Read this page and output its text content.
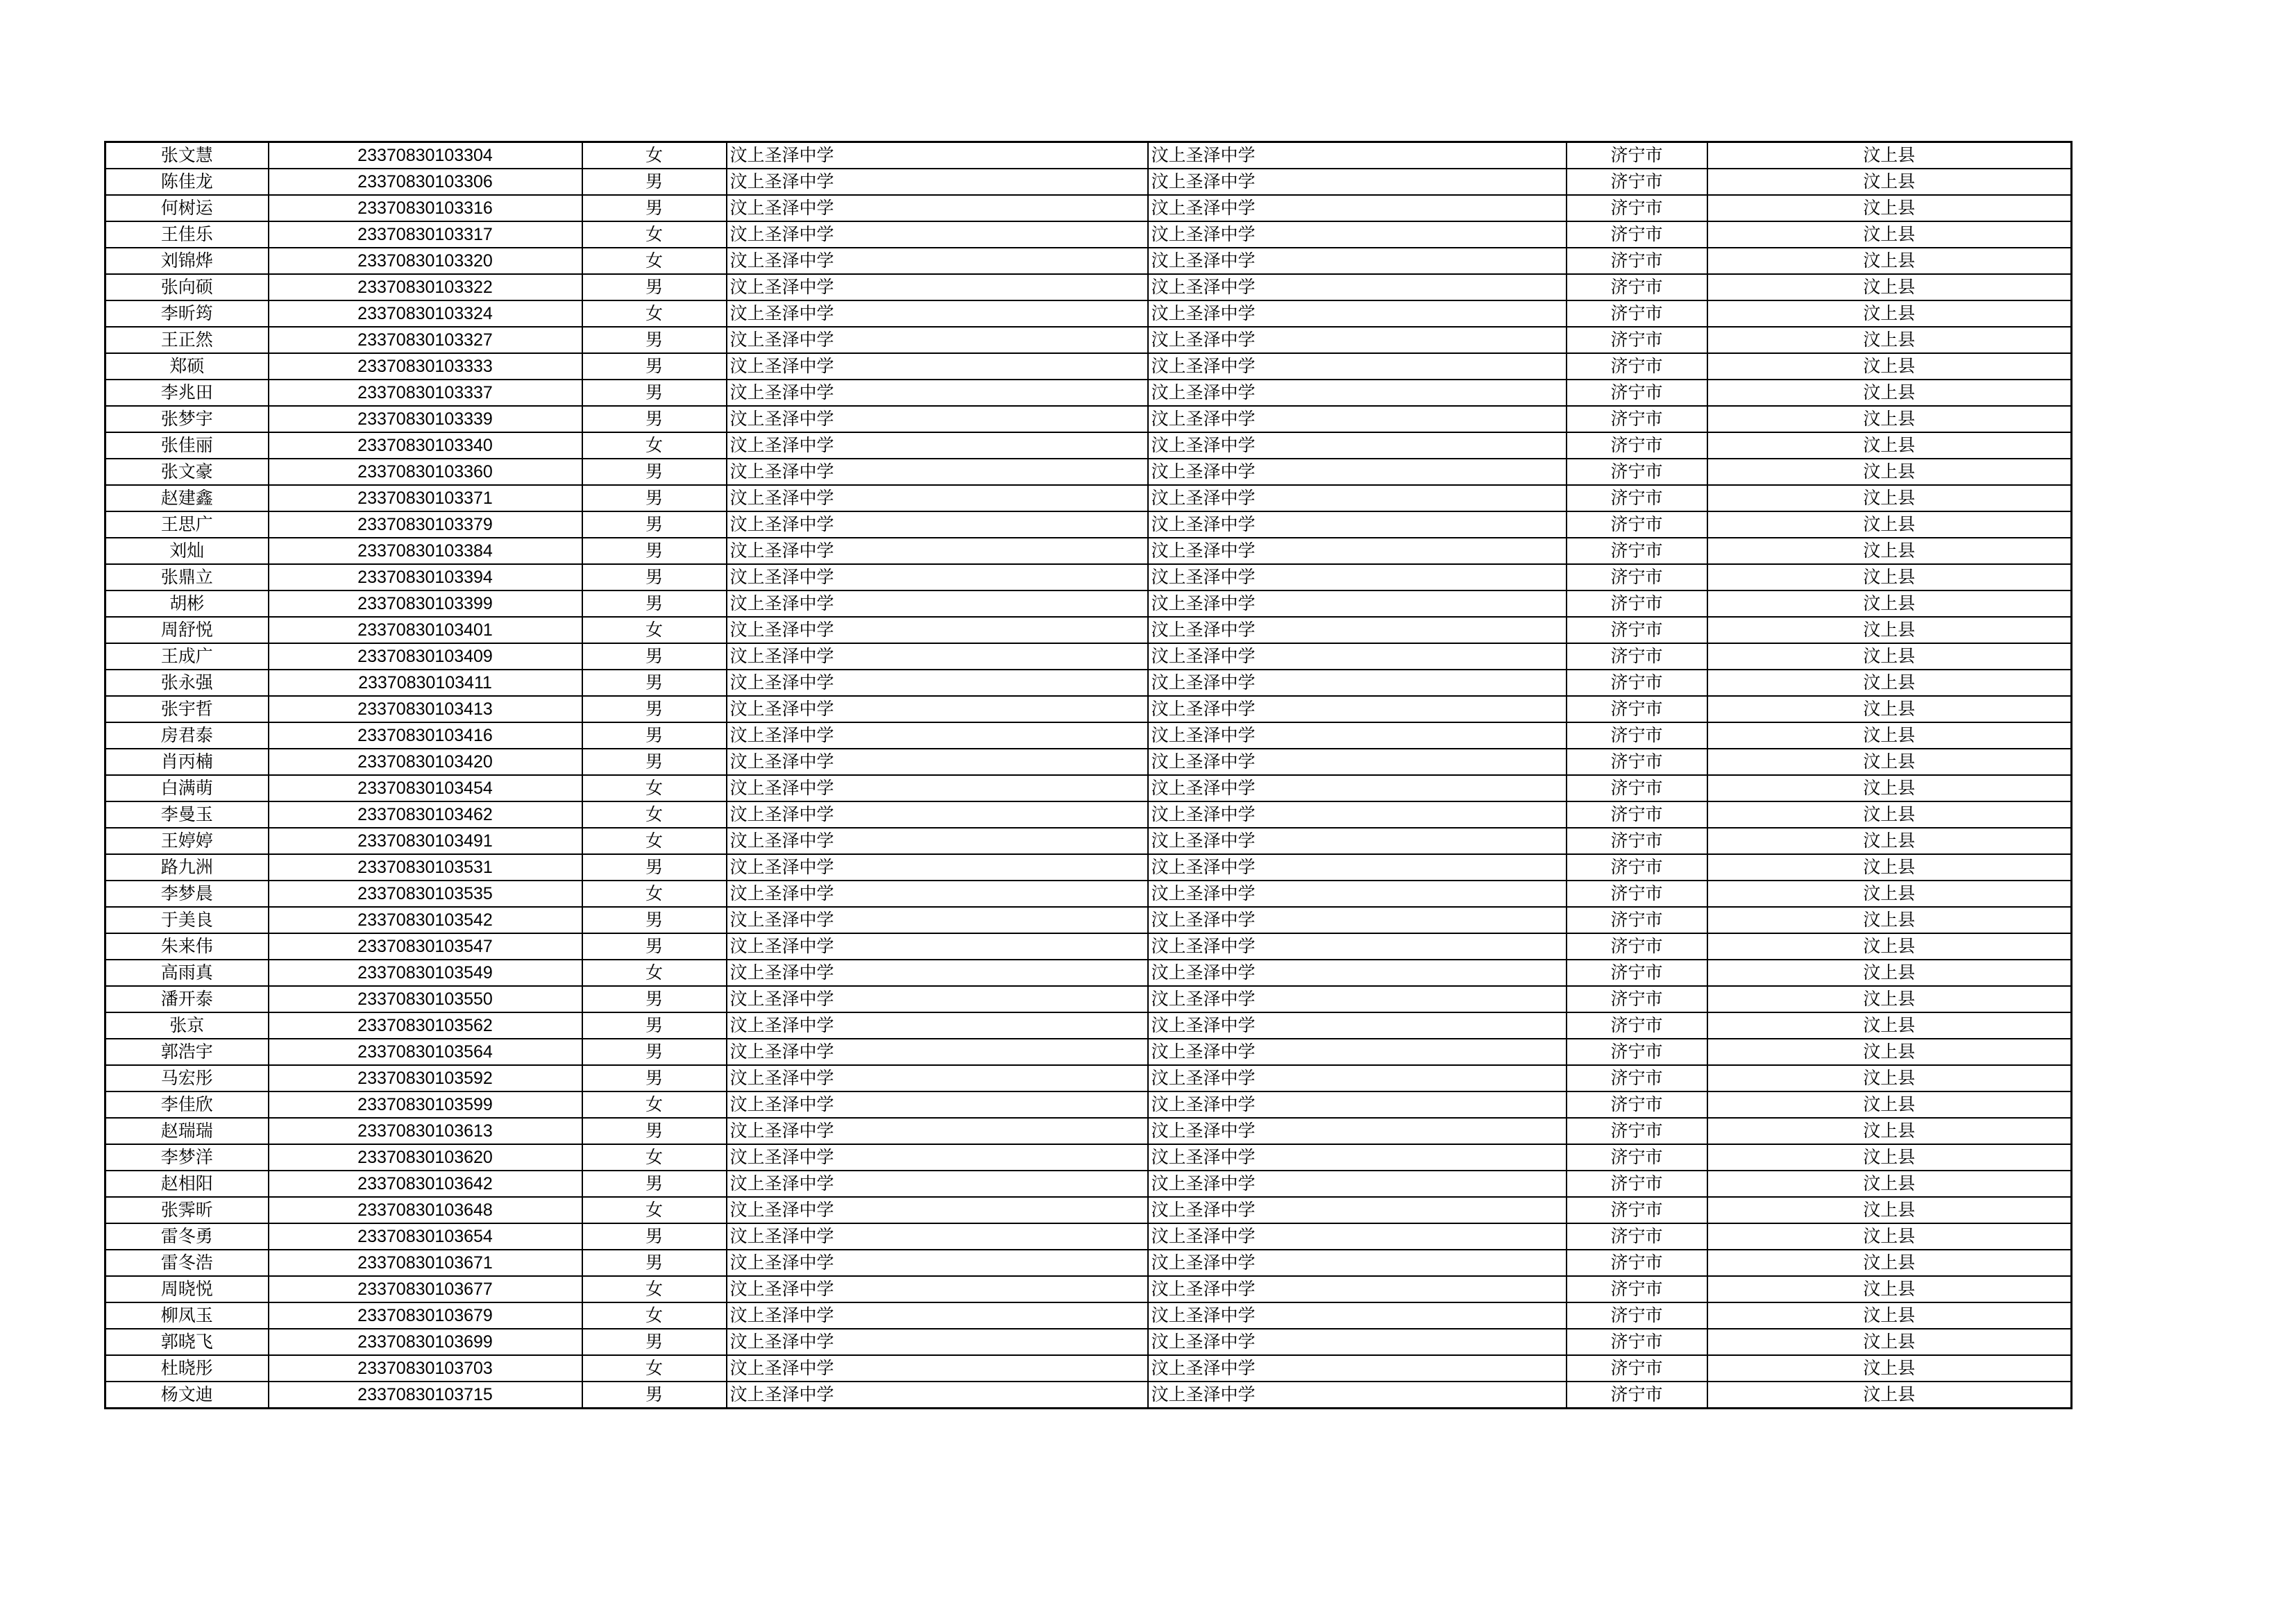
张文慧	23370830103304	女	汶上圣泽中学	汶上圣泽中学	济宁市	汶上县
陈佳龙	23370830103306	男	汶上圣泽中学	汶上圣泽中学	济宁市	汶上县
何树运	23370830103316	男	汶上圣泽中学	汶上圣泽中学	济宁市	汶上县
王佳乐	23370830103317	女	汶上圣泽中学	汶上圣泽中学	济宁市	汶上县
刘锦烨	23370830103320	女	汶上圣泽中学	汶上圣泽中学	济宁市	汶上县
张向硕	23370830103322	男	汶上圣泽中学	汶上圣泽中学	济宁市	汶上县
李昕筠	23370830103324	女	汶上圣泽中学	汶上圣泽中学	济宁市	汶上县
王正然	23370830103327	男	汶上圣泽中学	汶上圣泽中学	济宁市	汶上县
郑硕	23370830103333	男	汶上圣泽中学	汶上圣泽中学	济宁市	汶上县
李兆田	23370830103337	男	汶上圣泽中学	汶上圣泽中学	济宁市	汶上县
张梦宇	23370830103339	男	汶上圣泽中学	汶上圣泽中学	济宁市	汶上县
张佳丽	23370830103340	女	汶上圣泽中学	汶上圣泽中学	济宁市	汶上县
张文豪	23370830103360	男	汶上圣泽中学	汶上圣泽中学	济宁市	汶上县
赵建鑫	23370830103371	男	汶上圣泽中学	汶上圣泽中学	济宁市	汶上县
王思广	23370830103379	男	汶上圣泽中学	汶上圣泽中学	济宁市	汶上县
刘灿	23370830103384	男	汶上圣泽中学	汶上圣泽中学	济宁市	汶上县
张鼎立	23370830103394	男	汶上圣泽中学	汶上圣泽中学	济宁市	汶上县
胡彬	23370830103399	男	汶上圣泽中学	汶上圣泽中学	济宁市	汶上县
周舒悦	23370830103401	女	汶上圣泽中学	汶上圣泽中学	济宁市	汶上县
王成广	23370830103409	男	汶上圣泽中学	汶上圣泽中学	济宁市	汶上县
张永强	23370830103411	男	汶上圣泽中学	汶上圣泽中学	济宁市	汶上县
张宇哲	23370830103413	男	汶上圣泽中学	汶上圣泽中学	济宁市	汶上县
房君泰	23370830103416	男	汶上圣泽中学	汶上圣泽中学	济宁市	汶上县
肖丙楠	23370830103420	男	汶上圣泽中学	汶上圣泽中学	济宁市	汶上县
白满萌	23370830103454	女	汶上圣泽中学	汶上圣泽中学	济宁市	汶上县
李曼玉	23370830103462	女	汶上圣泽中学	汶上圣泽中学	济宁市	汶上县
王婷婷	23370830103491	女	汶上圣泽中学	汶上圣泽中学	济宁市	汶上县
路九洲	23370830103531	男	汶上圣泽中学	汶上圣泽中学	济宁市	汶上县
李梦晨	23370830103535	女	汶上圣泽中学	汶上圣泽中学	济宁市	汶上县
于美良	23370830103542	男	汶上圣泽中学	汶上圣泽中学	济宁市	汶上县
朱来伟	23370830103547	男	汶上圣泽中学	汶上圣泽中学	济宁市	汶上县
高雨真	23370830103549	女	汶上圣泽中学	汶上圣泽中学	济宁市	汶上县
潘开泰	23370830103550	男	汶上圣泽中学	汶上圣泽中学	济宁市	汶上县
张京	23370830103562	男	汶上圣泽中学	汶上圣泽中学	济宁市	汶上县
郭浩宇	23370830103564	男	汶上圣泽中学	汶上圣泽中学	济宁市	汶上县
马宏彤	23370830103592	男	汶上圣泽中学	汶上圣泽中学	济宁市	汶上县
李佳欣	23370830103599	女	汶上圣泽中学	汶上圣泽中学	济宁市	汶上县
赵瑞瑞	23370830103613	男	汶上圣泽中学	汶上圣泽中学	济宁市	汶上县
李梦洋	23370830103620	女	汶上圣泽中学	汶上圣泽中学	济宁市	汶上县
赵相阳	23370830103642	男	汶上圣泽中学	汶上圣泽中学	济宁市	汶上县
张霁昕	23370830103648	女	汶上圣泽中学	汶上圣泽中学	济宁市	汶上县
雷冬勇	23370830103654	男	汶上圣泽中学	汶上圣泽中学	济宁市	汶上县
雷冬浩	23370830103671	男	汶上圣泽中学	汶上圣泽中学	济宁市	汶上县
周晓悦	23370830103677	女	汶上圣泽中学	汶上圣泽中学	济宁市	汶上县
柳凤玉	23370830103679	女	汶上圣泽中学	汶上圣泽中学	济宁市	汶上县
郭晓飞	23370830103699	男	汶上圣泽中学	汶上圣泽中学	济宁市	汶上县
杜晓彤	23370830103703	女	汶上圣泽中学	汶上圣泽中学	济宁市	汶上县
杨文迪	23370830103715	男	汶上圣泽中学	汶上圣泽中学	济宁市	汶上县
